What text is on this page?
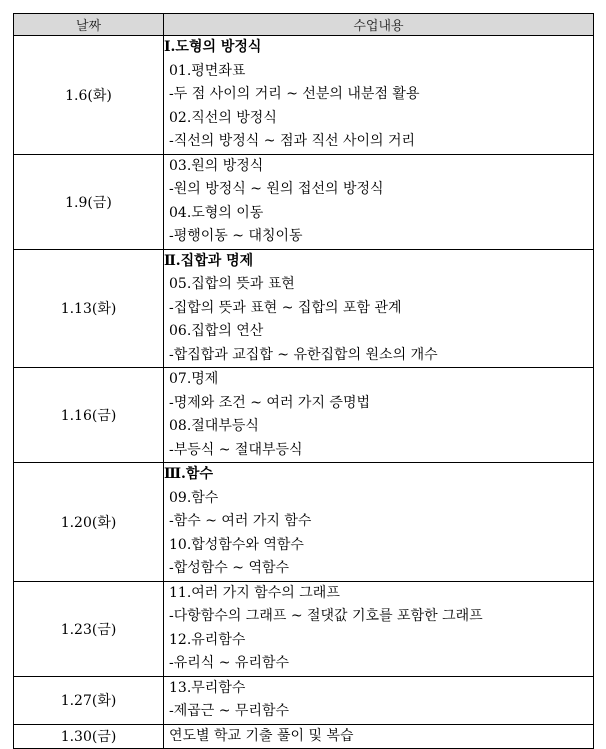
날짜	수업내용
1.6(화)	Ⅰ.도형의 방정식
01.평면좌표
-두 점 사이의 거리 ~ 선분의 내분점 활용
02.직선의 방정식
-직선의 방정식 ~ 점과 직선 사이의 거리

1.9(금)	03.원의 방정식
-원의 방정식 ~ 원의 접선의 방정식
04.도형의 이동
-평행이동 ~ 대칭이동

1.13(화)	Ⅱ.집합과 명제
05.집합의 뜻과 표현
-집합의 뜻과 표현 ~ 집합의 포함 관계
06.집합의 연산
-합집합과 교집합 ~ 유한집합의 원소의 개수

1.16(금)	07.명제
-명제와 조건 ~ 여러 가지 증명법
08.절대부등식
-부등식 ~ 절대부등식

1.20(화)	Ⅲ.함수
09.함수
-함수 ~ 여러 가지 함수
10.합성함수와 역함수
-합성함수 ~ 역함수

1.23(금)	11.여러 가지 함수의 그래프
-다항함수의 그래프 ~ 절댓값 기호를 포함한 그래프
12.유리함수
-유리식 ~ 유리함수

1.27(화)	13.무리함수
-제곱근 ~ 무리함수

1.30(금)	연도별 학교 기출 풀이 및 복습
